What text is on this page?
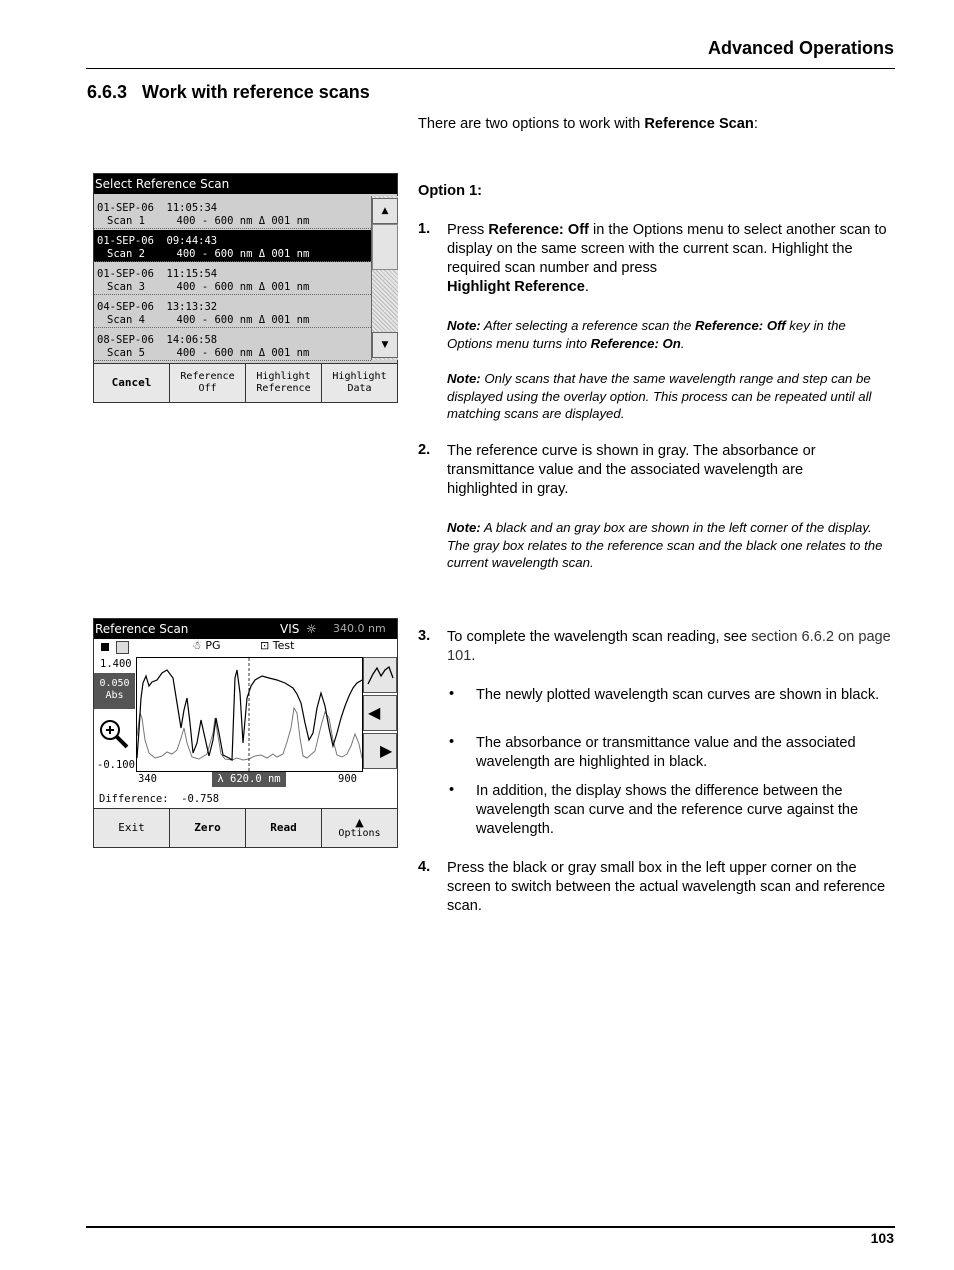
Advanced Operations
6.6.3   Work with reference scans
103
There are two options to work with Reference Scan:
Option 1:
1. Press Reference: Off in the Options menu to select another scan to display on the same screen with the current scan. Highlight the required scan number and press
Highlight Reference.
Note: After selecting a reference scan the Reference: Off key in the Options menu turns into Reference: On.
Note: Only scans that have the same wavelength range and step can be displayed using the overlay option. This process can be repeated until all matching scans are displayed.
2. The reference curve is shown in gray. The absorbance or transmittance value and the associated wavelength are highlighted in gray.
Note: A black and an gray box are shown in the left corner of the display. The gray box relates to the reference scan and the black one relates to the current wavelength scan.
3. To complete the wavelength scan reading, see section 6.6.2 on page 101.
• The newly plotted wavelength scan curves are shown in black.
• The absorbance or transmittance value and the associated wavelength are highlighted in black.
• In addition, the display shows the difference between the wavelength scan curve and the reference curve against the wavelength.
4. Press the black or gray small box in the left upper corner on the screen to switch between the actual wavelength scan and reference scan.
Select Reference Scan
01-SEP-06  11:05:34
Scan 1     400 - 600 nm Δ 001 nm
01-SEP-06  09:44:43
Scan 2     400 - 600 nm Δ 001 nm
01-SEP-06  11:15:54
Scan 3     400 - 600 nm Δ 001 nm
04-SEP-06  13:13:32
Scan 4     400 - 600 nm Δ 001 nm
08-SEP-06  14:06:58
Scan 5     400 - 600 nm Δ 001 nm
▲
▼
Cancel	Reference
Off
Highlight
Reference
Highlight
Data
Reference Scan	VIS ☼ 340.0 nm
☃ PG	⊡ Test
1.400
0.050
Abs
-0.100
◀
▶
340	λ 620.0 nm	900
Difference:  -0.758
Exit	Zero	Read	▲
Options
